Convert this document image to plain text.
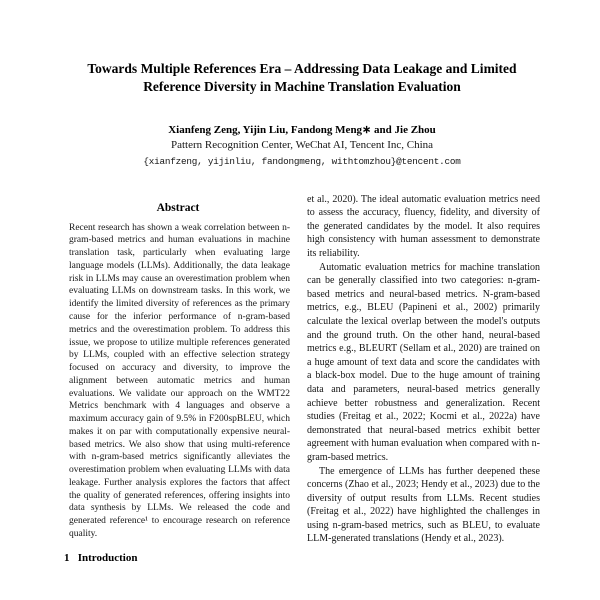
Towards Multiple References Era – Addressing Data Leakage and Limited Reference Diversity in Machine Translation Evaluation
Xianfeng Zeng, Yijin Liu, Fandong Meng∗ and Jie Zhou
Pattern Recognition Center, WeChat AI, Tencent Inc, China
{xianfzeng, yijinliu, fandongmeng, withtomzhou}@tencent.com
Abstract
Recent research has shown a weak correlation between n-gram-based metrics and human evaluations in machine translation task, particularly when evaluating large language models (LLMs). Additionally, the data leakage risk in LLMs may cause an overestimation problem when evaluating LLMs on downstream tasks. In this work, we identify the limited diversity of references as the primary cause for the inferior performance of n-gram-based metrics and the overestimation problem. To address this issue, we propose to utilize multiple references generated by LLMs, coupled with an effective selection strategy focused on accuracy and diversity, to improve the alignment between automatic metrics and human evaluations. We validate our approach on the WMT22 Metrics benchmark with 4 languages and observe a maximum accuracy gain of 9.5% in F200spBLEU, which makes it on par with computationally expensive neural-based metrics. We also show that using multi-reference with n-gram-based metrics significantly alleviates the overestimation problem when evaluating LLMs with data leakage. Further analysis explores the factors that affect the quality of generated references, offering insights into data synthesis by LLMs. We released the code and generated reference¹ to encourage research on reference quality.
1   Introduction

et al., 2020). The ideal automatic evaluation metrics need to assess the accuracy, fluency, fidelity, and diversity of the generated candidates by the model. It also requires high consistency with human assessment to demonstrate its reliability.

Automatic evaluation metrics for machine translation can be generally classified into two categories: n-gram-based metrics and neural-based metrics. N-gram-based metrics, e.g., BLEU (Papineni et al., 2002) primarily calculate the lexical overlap between the model's outputs and the ground truth. On the other hand, neural-based metrics e.g., BLEURT (Sellam et al., 2020) are trained on a huge amount of text data and score the candidates with a black-box model. Due to the huge amount of training data and parameters, neural-based metrics generally achieve better robustness and generalization. Recent studies (Freitag et al., 2022; Kocmi et al., 2022a) have demonstrated that neural-based metrics exhibit better agreement with human evaluation when compared with n-gram-based metrics.

The emergence of LLMs has further deepened these concerns (Zhao et al., 2023; Hendy et al., 2023) due to the diversity of output results from LLMs. Recent studies (Freitag et al., 2022) have highlighted the challenges in using n-gram-based metrics, such as BLEU, to evaluate LLM-generated translations (Hendy et al., 2023).
